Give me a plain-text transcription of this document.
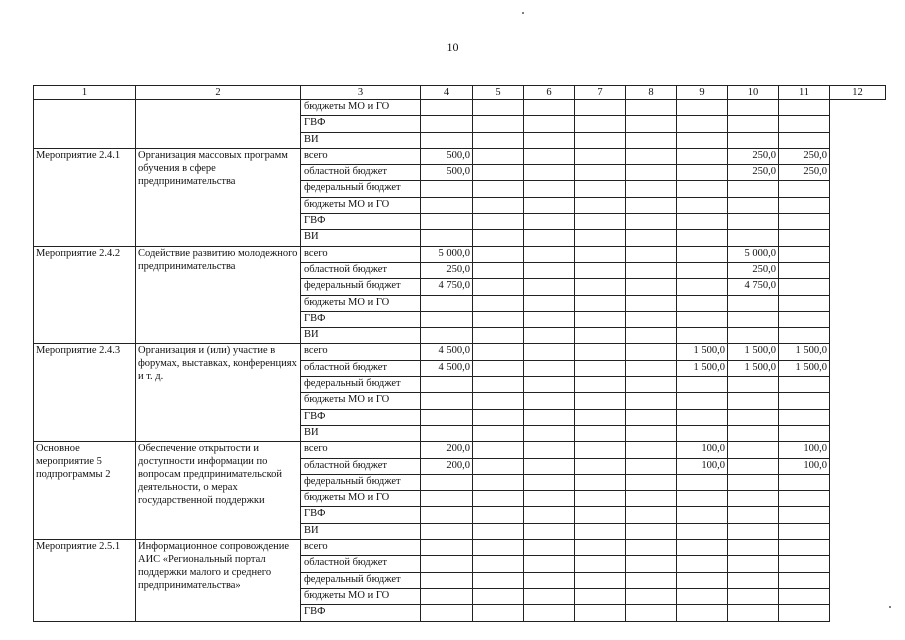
10
1	2	3	4	5	6	7	8	9	10	11	12
		бюджеты МО и ГО									
		ГВФ									
		ВИ									
Мероприятие 2.4.1	Организация массовых программ обучения в сфере предпринимательства	всего	500,0						250,0	250,0	
		областной бюджет	500,0						250,0	250,0	
		федеральный бюджет									
		бюджеты МО и ГО									
		ГВФ									
		ВИ									
Мероприятие 2.4.2	Содействие развитию молодежного предпринимательства	всего	5 000,0						5 000,0		
		областной бюджет	250,0						250,0		
		федеральный бюджет	4 750,0						4 750,0		
		бюджеты МО и ГО									
		ГВФ									
		ВИ									
Мероприятие 2.4.3	Организация и (или) участие в форумах, выставках, конференциях и т. д.	всего	4 500,0					1 500,0	1 500,0	1 500,0	
		областной бюджет	4 500,0					1 500,0	1 500,0	1 500,0	
		федеральный бюджет									
		бюджеты МО и ГО									
		ГВФ									
		ВИ									
Основное мероприятие 5 подпрограммы 2	Обеспечение открытости и доступности информации по вопросам предпринимательской деятельности, о мерах государственной поддержки	всего	200,0					100,0		100,0	
		областной бюджет	200,0					100,0		100,0	
		федеральный бюджет									
		бюджеты МО и ГО									
		ГВФ									
		ВИ									
Мероприятие 2.5.1	Информационное сопровождение АИС «Региональный портал поддержки малого и среднего предпринимательства»	всего									
		областной бюджет									
		федеральный бюджет									
		бюджеты МО и ГО									
		ГВФ									
